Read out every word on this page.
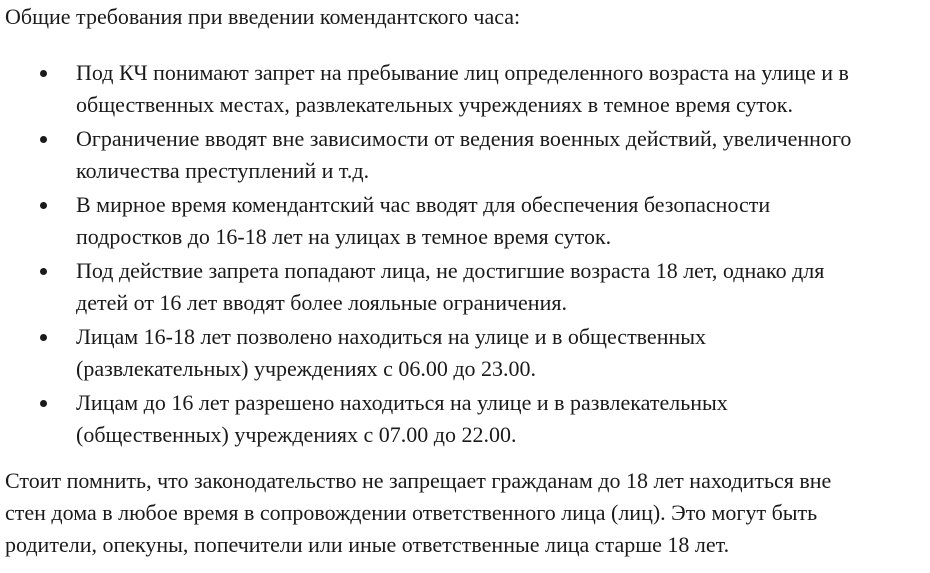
Общие требования при введении комендантского часа:
Под КЧ понимают запрет на пребывание лиц определенного возраста на улице и в
общественных местах, развлекательных учреждениях в темное время суток.
Ограничение вводят вне зависимости от ведения военных действий, увеличенного
количества преступлений и т.д.
В мирное время комендантский час вводят для обеспечения безопасности
подростков до 16-18 лет на улицах в темное время суток.
Под действие запрета попадают лица, не достигшие возраста 18 лет, однако для
детей от 16 лет вводят более лояльные ограничения.
Лицам 16-18 лет позволено находиться на улице и в общественных
(развлекательных) учреждениях с 06.00 до 23.00.
Лицам до 16 лет разрешено находиться на улице и в развлекательных
(общественных) учреждениях с 07.00 до 22.00.

Стоит помнить, что законодательство не запрещает гражданам до 18 лет находиться вне
стен дома в любое время в сопровождении ответственного лица (лиц). Это могут быть
родители, опекуны, попечители или иные ответственные лица старше 18 лет.
